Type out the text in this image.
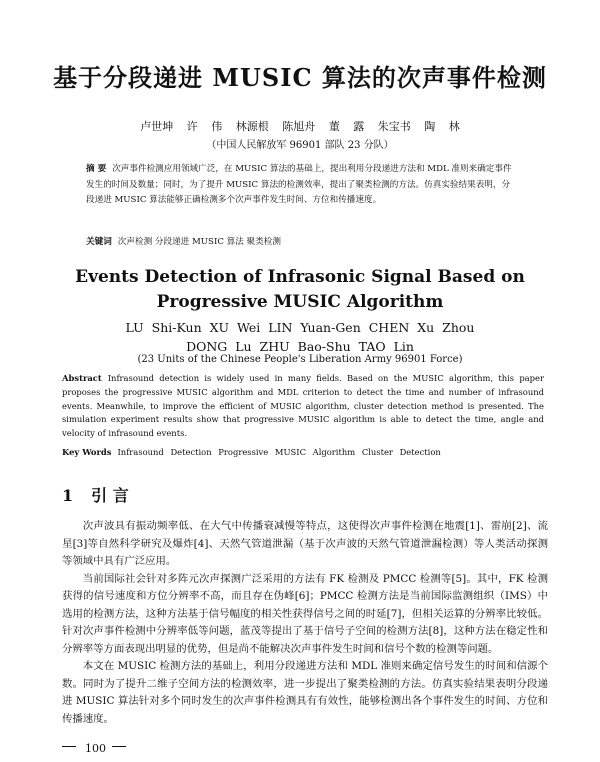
基于分段递进 MUSIC 算法的次声事件检测
卢世坤 许 伟 林源根 陈旭舟 董 露 朱宝书 陶 林
（中国人民解放军 96901 部队 23 分队）
摘 要 次声事件检测应用领域广泛，在 MUSIC 算法的基础上，提出利用分段递进方法和 MDL 准则来确定事件发生的时间及数量；同时，为了提升 MUSIC 算法的检测效率，提出了聚类检测的方法。仿真实验结果表明，分段递进 MUSIC 算法能够正确检测多个次声事件发生时间、方位和传播速度。
关键词 次声检测 分段递进 MUSIC 算法 聚类检测
Events Detection of Infrasonic Signal Based on
Progressive MUSIC Algorithm
LU Shi-Kun XU Wei LIN Yuan-Gen CHEN Xu Zhou
DONG Lu ZHU Bao-Shu TAO Lin
(23 Units of the Chinese People's Liberation Army 96901 Force)
Abstract Infrasound detection is widely used in many fields. Based on the MUSIC algorithm, this paper proposes the progressive MUSIC algorithm and MDL criterion to detect the time and number of infrasound events. Meanwhile, to improve the efficient of MUSIC algorithm, cluster detection method is presented. The simulation experiment results show that progressive MUSIC algorithm is able to detect the time, angle and velocity of infrasound events.
Key Words Infrasound Detection Progressive MUSIC Algorithm Cluster Detection
1 引 言

次声波具有振动频率低、在大气中传播衰减慢等特点，这使得次声事件检测在地震[1]、雷崩[2]、流星[3]等自然科学研究及爆炸[4]、天然气管道泄漏（基于次声波的天然气管道泄漏检测）等人类活动探测等领域中具有广泛应用。

当前国际社会针对多阵元次声探测广泛采用的方法有 FK 检测及 PMCC 检测等[5]。其中，FK 检测获得的信号速度和方位分辨率不高，而且存在伪峰[6]；PMCC 检测方法是当前国际监测组织（IMS）中选用的检测方法，这种方法基于信号幅度的相关性获得信号之间的时延[7]，但相关运算的分辨率比较低。针对次声事件检测中分辨率低等问题，蓝茂等提出了基于信号子空间的检测方法[8]，这种方法在稳定性和分辨率等方面表现出明显的优势，但是尚不能解决次声事件发生时间和信号个数的检测等问题。

本文在 MUSIC 检测方法的基础上，利用分段递进方法和 MDL 准则来确定信号发生的时间和信源个数。同时为了提升二维子空间方法的检测效率，进一步提出了聚类检测的方法。仿真实验结果表明分段递进 MUSIC 算法针对多个同时发生的次声事件检测具有有效性，能够检测出各个事件发生的时间、方位和传播速度。

100
